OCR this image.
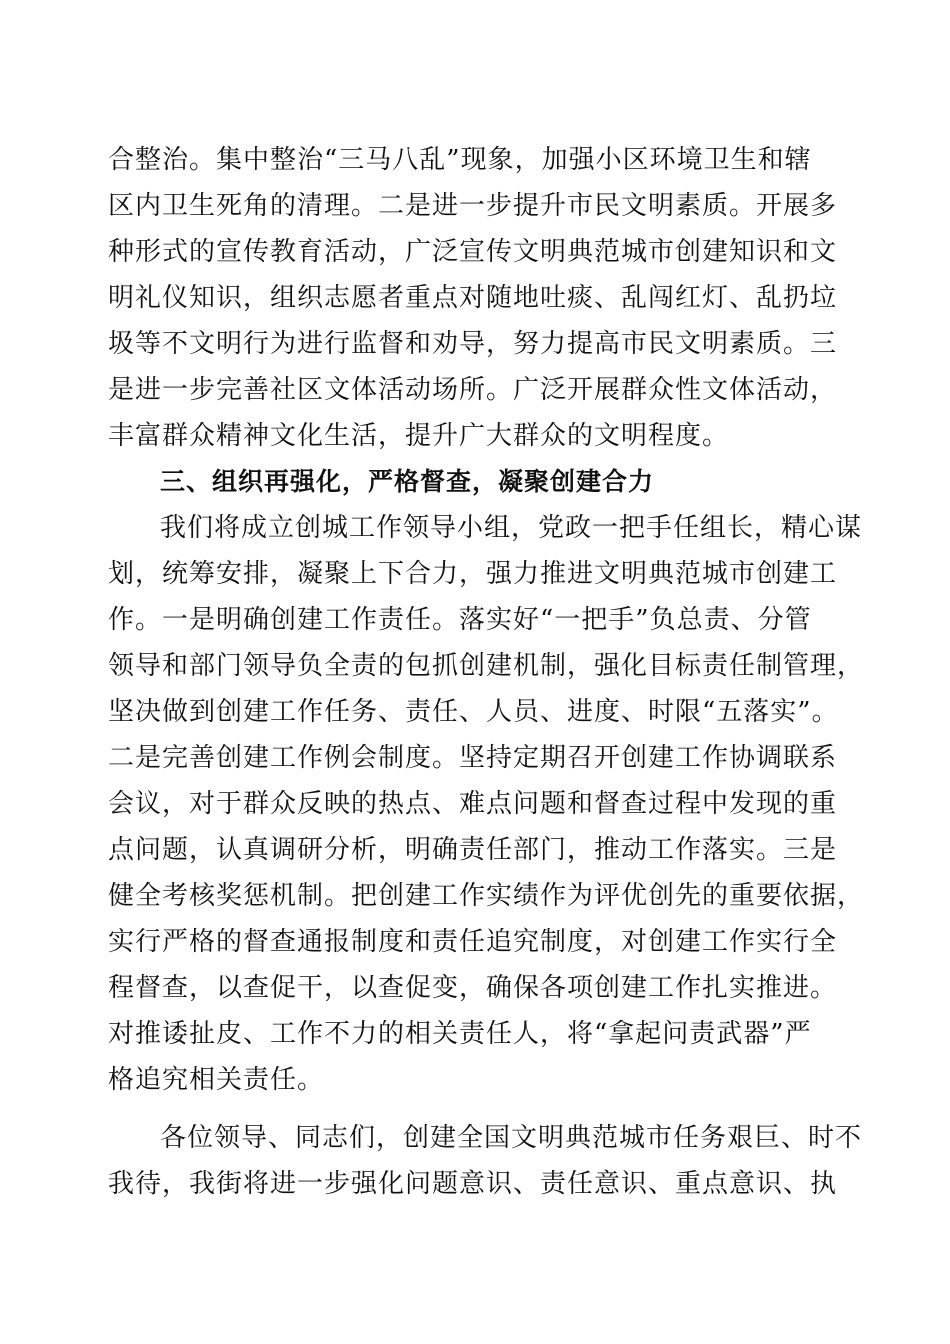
合整治。集中整治“三马八乱”现象，加强小区环境卫生和辖
区内卫生死角的清理。二是进一步提升市民文明素质。开展多
种形式的宣传教育活动，广泛宣传文明典范城市创建知识和文
明礼仪知识，组织志愿者重点对随地吐痰、乱闯红灯、乱扔垃
圾等不文明行为进行监督和劝导，努力提高市民文明素质。三
是进一步完善社区文体活动场所。广泛开展群众性文体活动，
丰富群众精神文化生活，提升广大群众的文明程度。
三、组织再强化，严格督查，凝聚创建合力
我们将成立创城工作领导小组，党政一把手任组长，精心谋
划，统筹安排，凝聚上下合力，强力推进文明典范城市创建工
作。一是明确创建工作责任。落实好“一把手”负总责、分管
领导和部门领导负全责的包抓创建机制，强化目标责任制管理，
坚决做到创建工作任务、责任、人员、进度、时限“五落实”。
二是完善创建工作例会制度。坚持定期召开创建工作协调联系
会议，对于群众反映的热点、难点问题和督查过程中发现的重
点问题，认真调研分析，明确责任部门，推动工作落实。三是
健全考核奖惩机制。把创建工作实绩作为评优创先的重要依据，
实行严格的督查通报制度和责任追究制度，对创建工作实行全
程督查，以查促干，以查促变，确保各项创建工作扎实推进。
对推诿扯皮、工作不力的相关责任人，将“拿起问责武器”严
格追究相关责任。
各位领导、同志们，创建全国文明典范城市任务艰巨、时不
我待，我街将进一步强化问题意识、责任意识、重点意识、执
